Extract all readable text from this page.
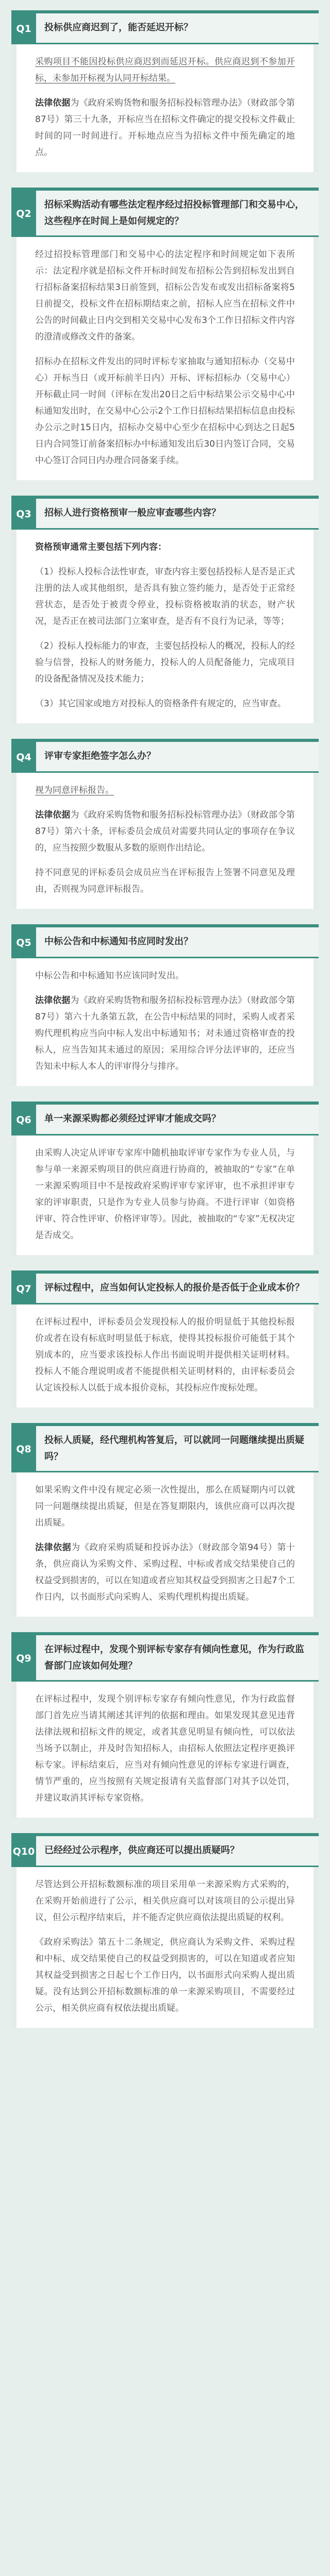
Q1	投标供应商迟到了，能否延迟开标？

采购项目不能因投标供应商迟到而延迟开标。供应商迟到不参加开标，未参加开标视为认同开标结果。

法律依据为《政府采购货物和服务招标投标管理办法》（财政部令第87号）第三十九条，开标应当在招标文件确定的提交投标文件截止时间的同一时间进行。开标地点应当为招标文件中预先确定的地点。

Q2
招标采购活动有哪些法定程序经过招投标管理部门和交易中心，这些程序在时间上是如何规定的？

经过招投标管理部门和交易中心的法定程序和时间规定如下表所示：法定程序就是招标文件开标时间发布招标公告到招标发出到自行招标备案招标结果3日前签到，招标公告发布或发出招标备案将5日前提交，投标文件在招标期结束之前，招标人应当在招标文件中公告的时间截止日内交到相关交易中心发布3个工作日招标文件内容的澄清或修改文件的备案。

招标办在招标文件发出的同时评标专家抽取与通知招标办（交易中心）开标当日（或开标前半日内）开标、评标招标办（交易中心）开标截止同一时间（评标在发出20日之后中标结果公示交易中心中标通知发出时，在交易中心公示2个工作日招标结果招标信息由投标办公示之时15日内，招标办交易中心至少在招标中心到达之日起5日内合同签订前备案招标办中标通知发出后30日内签订合同，交易中心签订合同日内办理合同备案手续。

Q3	招标人进行资格预审一般应审查哪些内容？

资格预审通常主要包括下列内容：

（1）投标人投标合法性审查，审查内容主要包括投标人是否是正式注册的法人或其他组织，是否具有独立签约能力，是否处于正常经营状态，是否处于被责令停业，投标资格被取消的状态，财产状况，是否正在被司法部门立案审查，是否有不良行为记录，等等；

（2）投标人投标能力的审查，主要包括投标人的概况，投标人的经验与信誉，投标人的财务能力，投标人的人员配备能力，完成项目的设备配备情况及技术能力；

（3）其它国家或地方对投标人的资格条件有规定的，应当审查。

Q4	评审专家拒绝签字怎么办？

视为同意评标报告。

法律依据为《政府采购货物和服务招标投标管理办法》（财政部令第87号）第六十条，评标委员会成员对需要共同认定的事项存在争议的，应当按照少数服从多数的原则作出结论。

持不同意见的评标委员会成员应当在评标报告上签署不同意见及理由，否则视为同意评标报告。

Q5	中标公告和中标通知书应同时发出？

中标公告和中标通知书应该同时发出。

法律依据为《政府采购货物和服务招标投标管理办法》（财政部令第87号）第六十九条第五款，在公告中标结果的同时，采购人或者采购代理机构应当向中标人发出中标通知书；对未通过资格审查的投标人，应当告知其未通过的原因；采用综合评分法评审的，还应当告知未中标人本人的评审得分与排序。

Q6	单一来源采购都必须经过评审才能成交吗？

由采购人决定从评审专家库中随机抽取评审专家作为专业人员，与参与单一来源采购项目的供应商进行协商的，被抽取的“专家”在单一来源采购项目中不是按政府采购评审专家评审，也不承担评审专家的评审职责，只是作为专业人员参与协商。不进行评审（如资格评审、符合性评审、价格评审等）。因此，被抽取的“专家”无权决定是否成交。

Q7	评标过程中，应当如何认定投标人的报价是否低于企业成本价？

在评标过程中，评标委员会发现投标人的报价明显低于其他投标报价或者在设有标底时明显低于标底，使得其投标报价可能低于其个别成本的，应当要求该投标人作出书面说明并提供相关证明材料。投标人不能合理说明或者不能提供相关证明材料的，由评标委员会认定该投标人以低于成本报价竞标，其投标应作废标处理。

Q8
投标人质疑，经代理机构答复后，可以就同一问题继续提出质疑吗？

如果采购文件中没有规定必须一次性提出，那么在质疑期内可以就同一问题继续提出质疑，但是在答复期限内，该供应商可以再次提出质疑。

法律依据为《政府采购质疑和投诉办法》（财政部令第94号）第十条，供应商认为采购文件、采购过程、中标或者成交结果使自己的权益受到损害的，可以在知道或者应知其权益受到损害之日起7个工作日内，以书面形式向采购人、采购代理机构提出质疑。

Q9
在评标过程中，发现个别评标专家存有倾向性意见，作为行政监督部门应该如何处理？

在评标过程中，发现个别评标专家存有倾向性意见，作为行政监督部门首先应当请其阐述其评判的依据和理由。如果发现其意见违背法律法规和招标文件的规定，或者其意见明显有倾向性，可以依法当场予以制止，并及时告知招标人，由招标人依照法定程序更换评标专家。评标结束后，应当对有倾向性意见的评标专家进行调查，情节严重的，应当按照有关规定报请有关监督部门对其予以处罚，并建议取消其评标专家资格。

Q10	已经经过公示程序，供应商还可以提出质疑吗？

尽管达到公开招标数额标准的项目采用单一来源采购方式采购的，在采购开始前进行了公示，相关供应商可以对该项目的公示提出异议，但公示程序结束后，并不能否定供应商依法提出质疑的权利。

《政府采购法》第五十二条规定，供应商认为采购文件、采购过程和中标、成交结果使自己的权益受到损害的，可以在知道或者应知其权益受到损害之日起七个工作日内，以书面形式向采购人提出质疑。没有达到公开招标数额标准的单一来源采购项目，不需要经过公示，相关供应商有权依法提出质疑。
